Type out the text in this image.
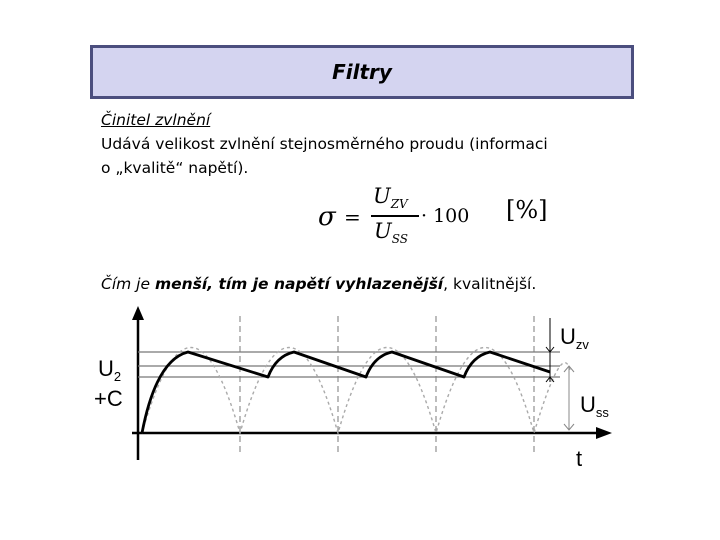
Filtry
Činitel zvlnění
Udává velikost zvlnění stejnosměrného proudu (informaci
o „kvalitě“ napětí).
σ =
$U_{ZV}$
$U_{SS}$
· 100 [%]
Čím je menší, tím je napětí vyhlazenější, kvalitnější.
$U_2$
+C
$U_{zv}$
$U_{ss}$
t
